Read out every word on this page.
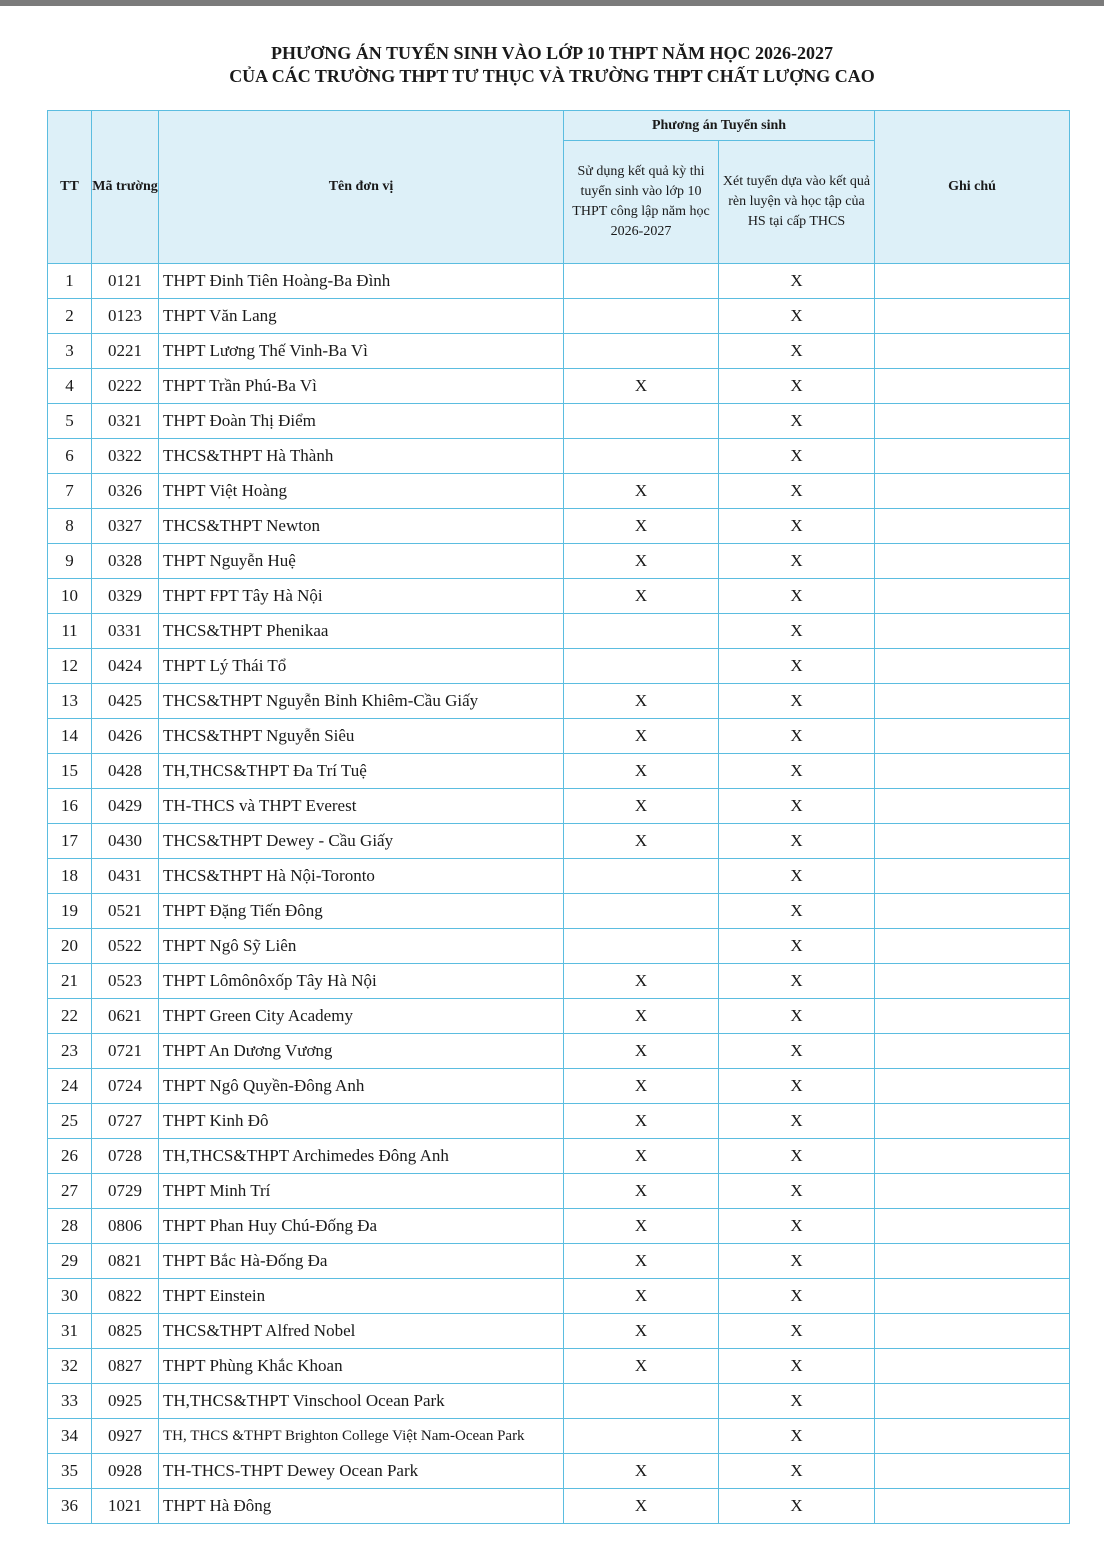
PHƯƠNG ÁN TUYỂN SINH VÀO LỚP 10 THPT NĂM HỌC 2026-2027
CỦA CÁC TRƯỜNG THPT TƯ THỤC VÀ TRƯỜNG THPT CHẤT LƯỢNG CAO
TT	Mã trường	Tên đơn vị	Phương án Tuyển sinh		Ghi chú
			Sử dụng kết quả kỳ thi tuyển sinh vào lớp 10 THPT công lập năm học 2026-2027	Xét tuyển dựa vào kết quả rèn luyện và học tập của HS tại cấp THCS	
1	0121	THPT Đinh Tiên Hoàng-Ba Đình		X	
2	0123	THPT Văn Lang		X	
3	0221	THPT Lương Thế Vinh-Ba Vì		X	
4	0222	THPT Trần Phú-Ba Vì	X	X	
5	0321	THPT Đoàn Thị Điểm		X	
6	0322	THCS&THPT Hà Thành		X	
7	0326	THPT Việt Hoàng	X	X	
8	0327	THCS&THPT Newton	X	X	
9	0328	THPT Nguyễn Huệ	X	X	
10	0329	THPT FPT Tây Hà Nội	X	X	
11	0331	THCS&THPT Phenikaa		X	
12	0424	THPT Lý Thái Tổ		X	
13	0425	THCS&THPT Nguyễn Bỉnh Khiêm-Cầu Giấy	X	X	
14	0426	THCS&THPT Nguyễn Siêu	X	X	
15	0428	TH,THCS&THPT Đa Trí Tuệ	X	X	
16	0429	TH-THCS và THPT Everest	X	X	
17	0430	THCS&THPT Dewey - Cầu Giấy	X	X	
18	0431	THCS&THPT Hà Nội-Toronto		X	
19	0521	THPT Đặng Tiến Đông		X	
20	0522	THPT Ngô Sỹ Liên		X	
21	0523	THPT Lômônôxốp Tây Hà Nội	X	X	
22	0621	THPT Green City Academy	X	X	
23	0721	THPT An Dương Vương	X	X	
24	0724	THPT Ngô Quyền-Đông Anh	X	X	
25	0727	THPT Kinh Đô	X	X	
26	0728	TH,THCS&THPT Archimedes Đông Anh	X	X	
27	0729	THPT Minh Trí	X	X	
28	0806	THPT Phan Huy Chú-Đống Đa	X	X	
29	0821	THPT Bắc Hà-Đống Đa	X	X	
30	0822	THPT Einstein	X	X	
31	0825	THCS&THPT Alfred Nobel	X	X	
32	0827	THPT Phùng Khắc Khoan	X	X	
33	0925	TH,THCS&THPT Vinschool Ocean Park		X	
34	0927	TH, THCS &THPT Brighton College Việt Nam-Ocean Park		X	
35	0928	TH-THCS-THPT Dewey Ocean Park	X	X	
36	1021	THPT Hà Đông	X	X	
